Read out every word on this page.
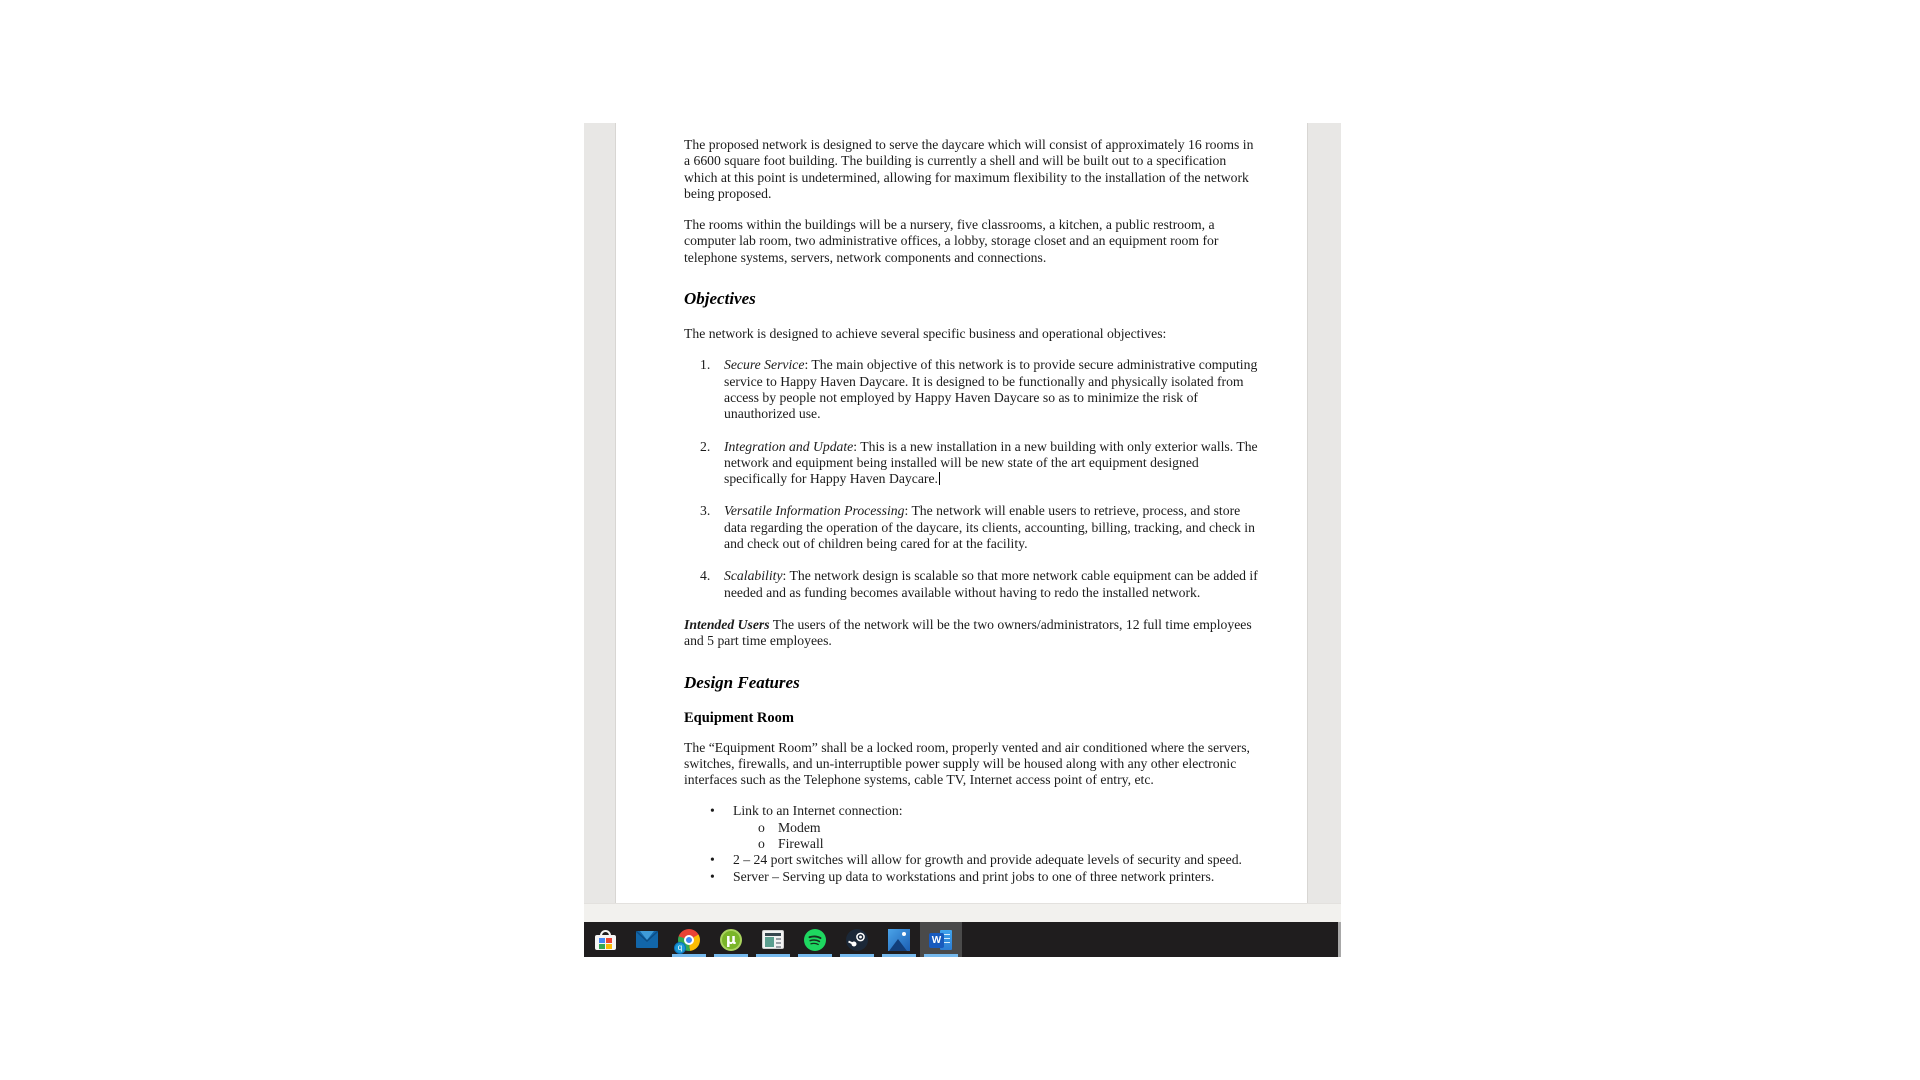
The proposed network is designed to serve the daycare which will consist of approximately 16 rooms in a 6600 square foot building. The building is currently a shell and will be built out to a specification which at this point is undetermined, allowing for maximum flexibility to the installation of the network being proposed.

The rooms within the buildings will be a nursery, five classrooms, a kitchen, a public restroom, a computer lab room, two administrative offices, a lobby, storage closet and an equipment room for telephone systems, servers, network components and connections.

Objectives

The network is designed to achieve several specific business and operational objectives:

1.	Secure Service: The main objective of this network is to provide secure administrative computing service to Happy Haven Daycare. It is designed to be functionally and physically isolated from access by people not employed by Happy Haven Daycare so as to minimize the risk of unauthorized use.
2.	Integration and Update: This is a new installation in a new building with only exterior walls. The network and equipment being installed will be new state of the art equipment designed specifically for Happy Haven Daycare.
3.	Versatile Information Processing: The network will enable users to retrieve, process, and store data regarding the operation of the daycare, its clients, accounting, billing, tracking, and check in and check out of children being cared for at the facility.
4.	Scalability: The network design is scalable so that more network cable equipment can be added if needed and as funding becomes available without having to redo the installed network.

Intended Users The users of the network will be the two owners/administrators, 12 full time employees and 5 part time employees.

Design Features
Equipment Room

The “Equipment Room” shall be a locked room, properly vented and air conditioned where the servers, switches, firewalls, and un-interruptible power supply will be housed along with any other electronic interfaces such as the Telephone systems, cable TV, Internet access point of entry, etc.

•	Link to an Internet connection:
o Modem
o Firewall
•	2 – 24 port switches will allow for growth and provide adequate levels of security and speed.
•	Server – Serving up data to workstations and print jobs to one of three network printers.
q	µ	W
